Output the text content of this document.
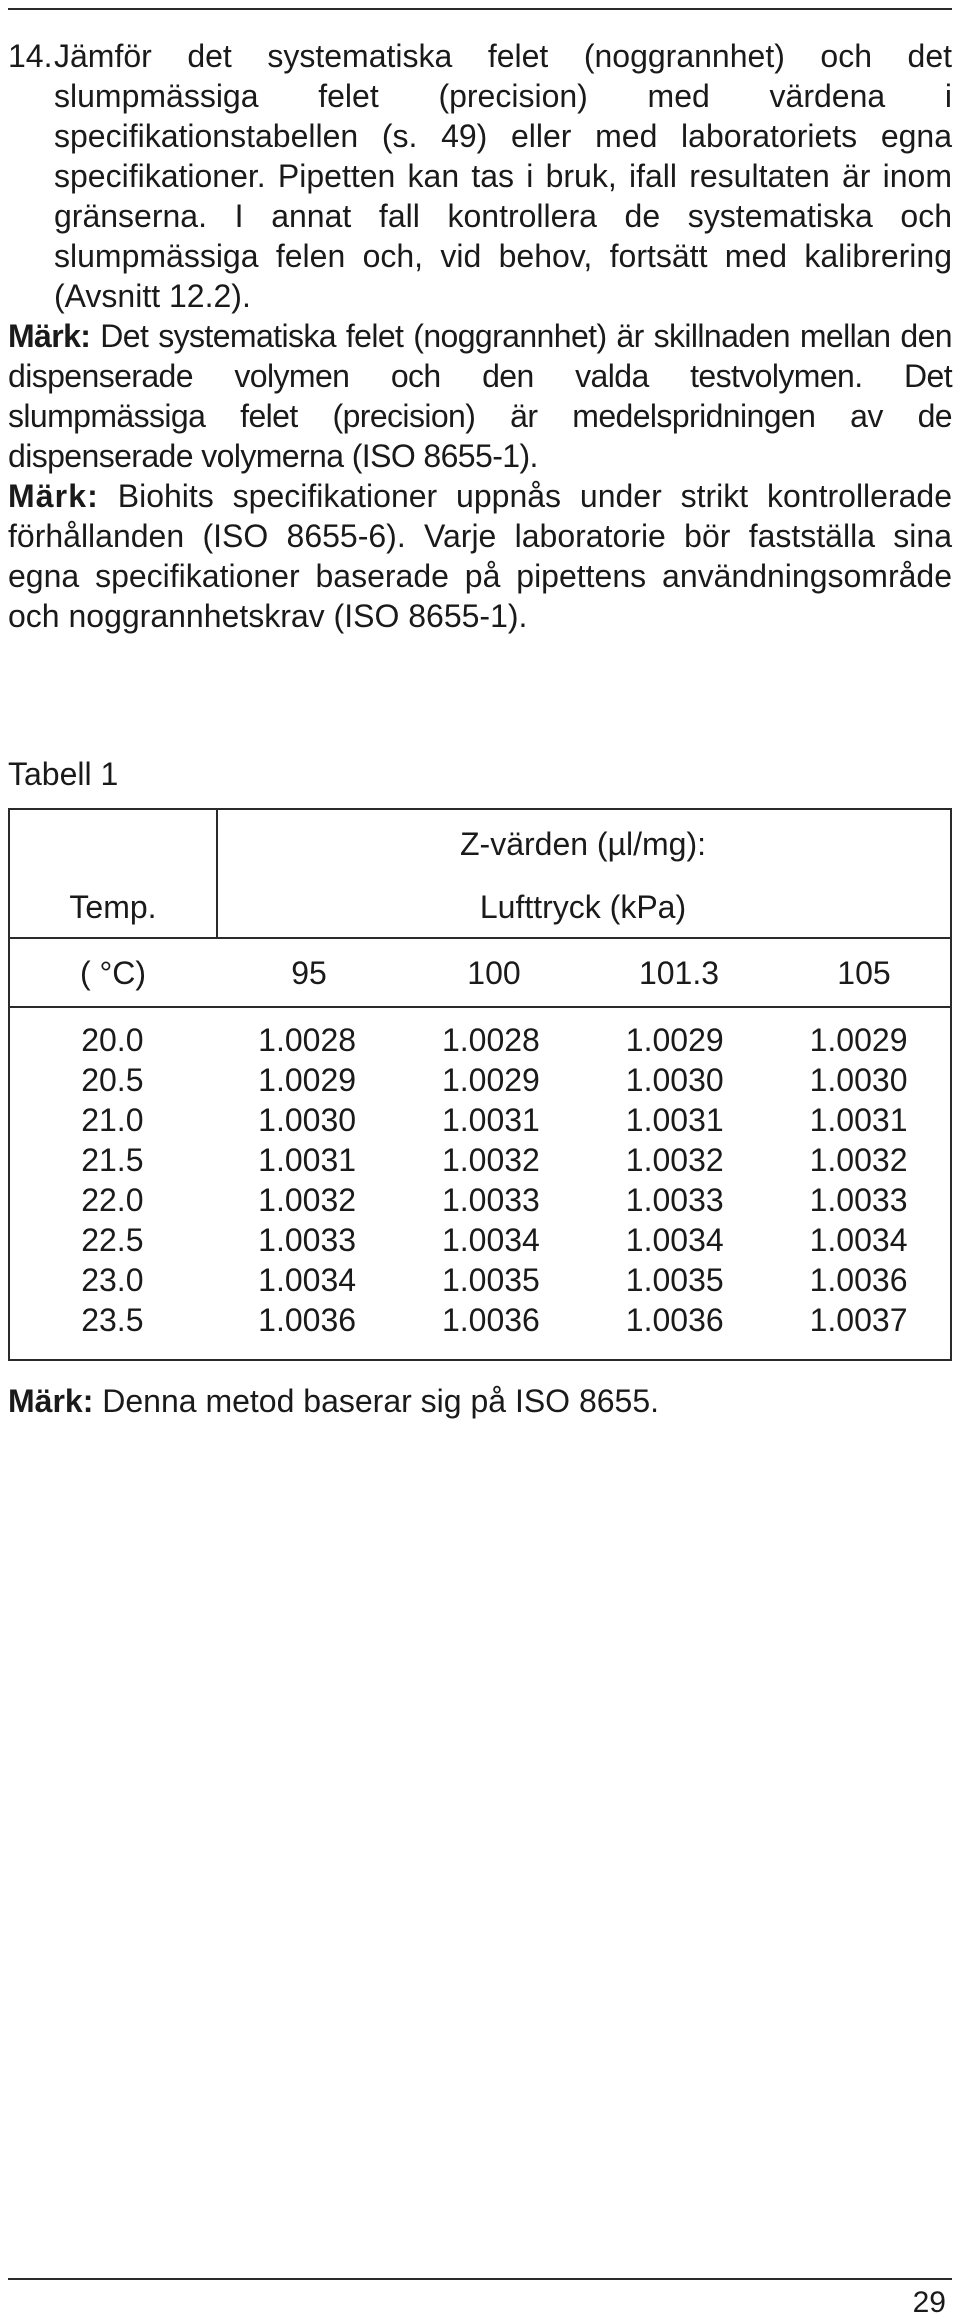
14. Jämför det systematiska felet (noggrannhet) och det slumpmässiga felet (precision) med värdena i specifikationstabellen (s. 49) eller med laboratoriets egna specifikationer. Pipetten kan tas i bruk, ifall resultaten är inom gränserna. I annat fall kontrollera de systematiska och slumpmässiga felen och, vid behov, fortsätt med kalibrering (Avsnitt 12.2).

Märk: Det systematiska felet (noggrannhet) är skillnaden mellan den dispenserade volymen och den valda testvolymen. Det slumpmässiga felet (precision) är medelspridningen av de dispenserade volymerna (ISO 8655-1).

Märk: Biohits specifikationer uppnås under strikt kontrollerade förhållanden (ISO 8655-6). Varje laboratorie bör fastställa sina egna specifikationer baserade på pipettens användningsområde och noggrannhetskrav (ISO 8655-1).

Tabell 1
Z-värden (µl/mg):
Temp.	Lufttryck (kPa)
( °C)	95	100	101.3	105
20.0	1.0028	1.0028	1.0029	1.0029
20.5	1.0029	1.0029	1.0030	1.0030
21.0	1.0030	1.0031	1.0031	1.0031
21.5	1.0031	1.0032	1.0032	1.0032
22.0	1.0032	1.0033	1.0033	1.0033
22.5	1.0033	1.0034	1.0034	1.0034
23.0	1.0034	1.0035	1.0035	1.0036
23.5	1.0036	1.0036	1.0036	1.0037
Märk: Denna metod baserar sig på ISO 8655.
29
